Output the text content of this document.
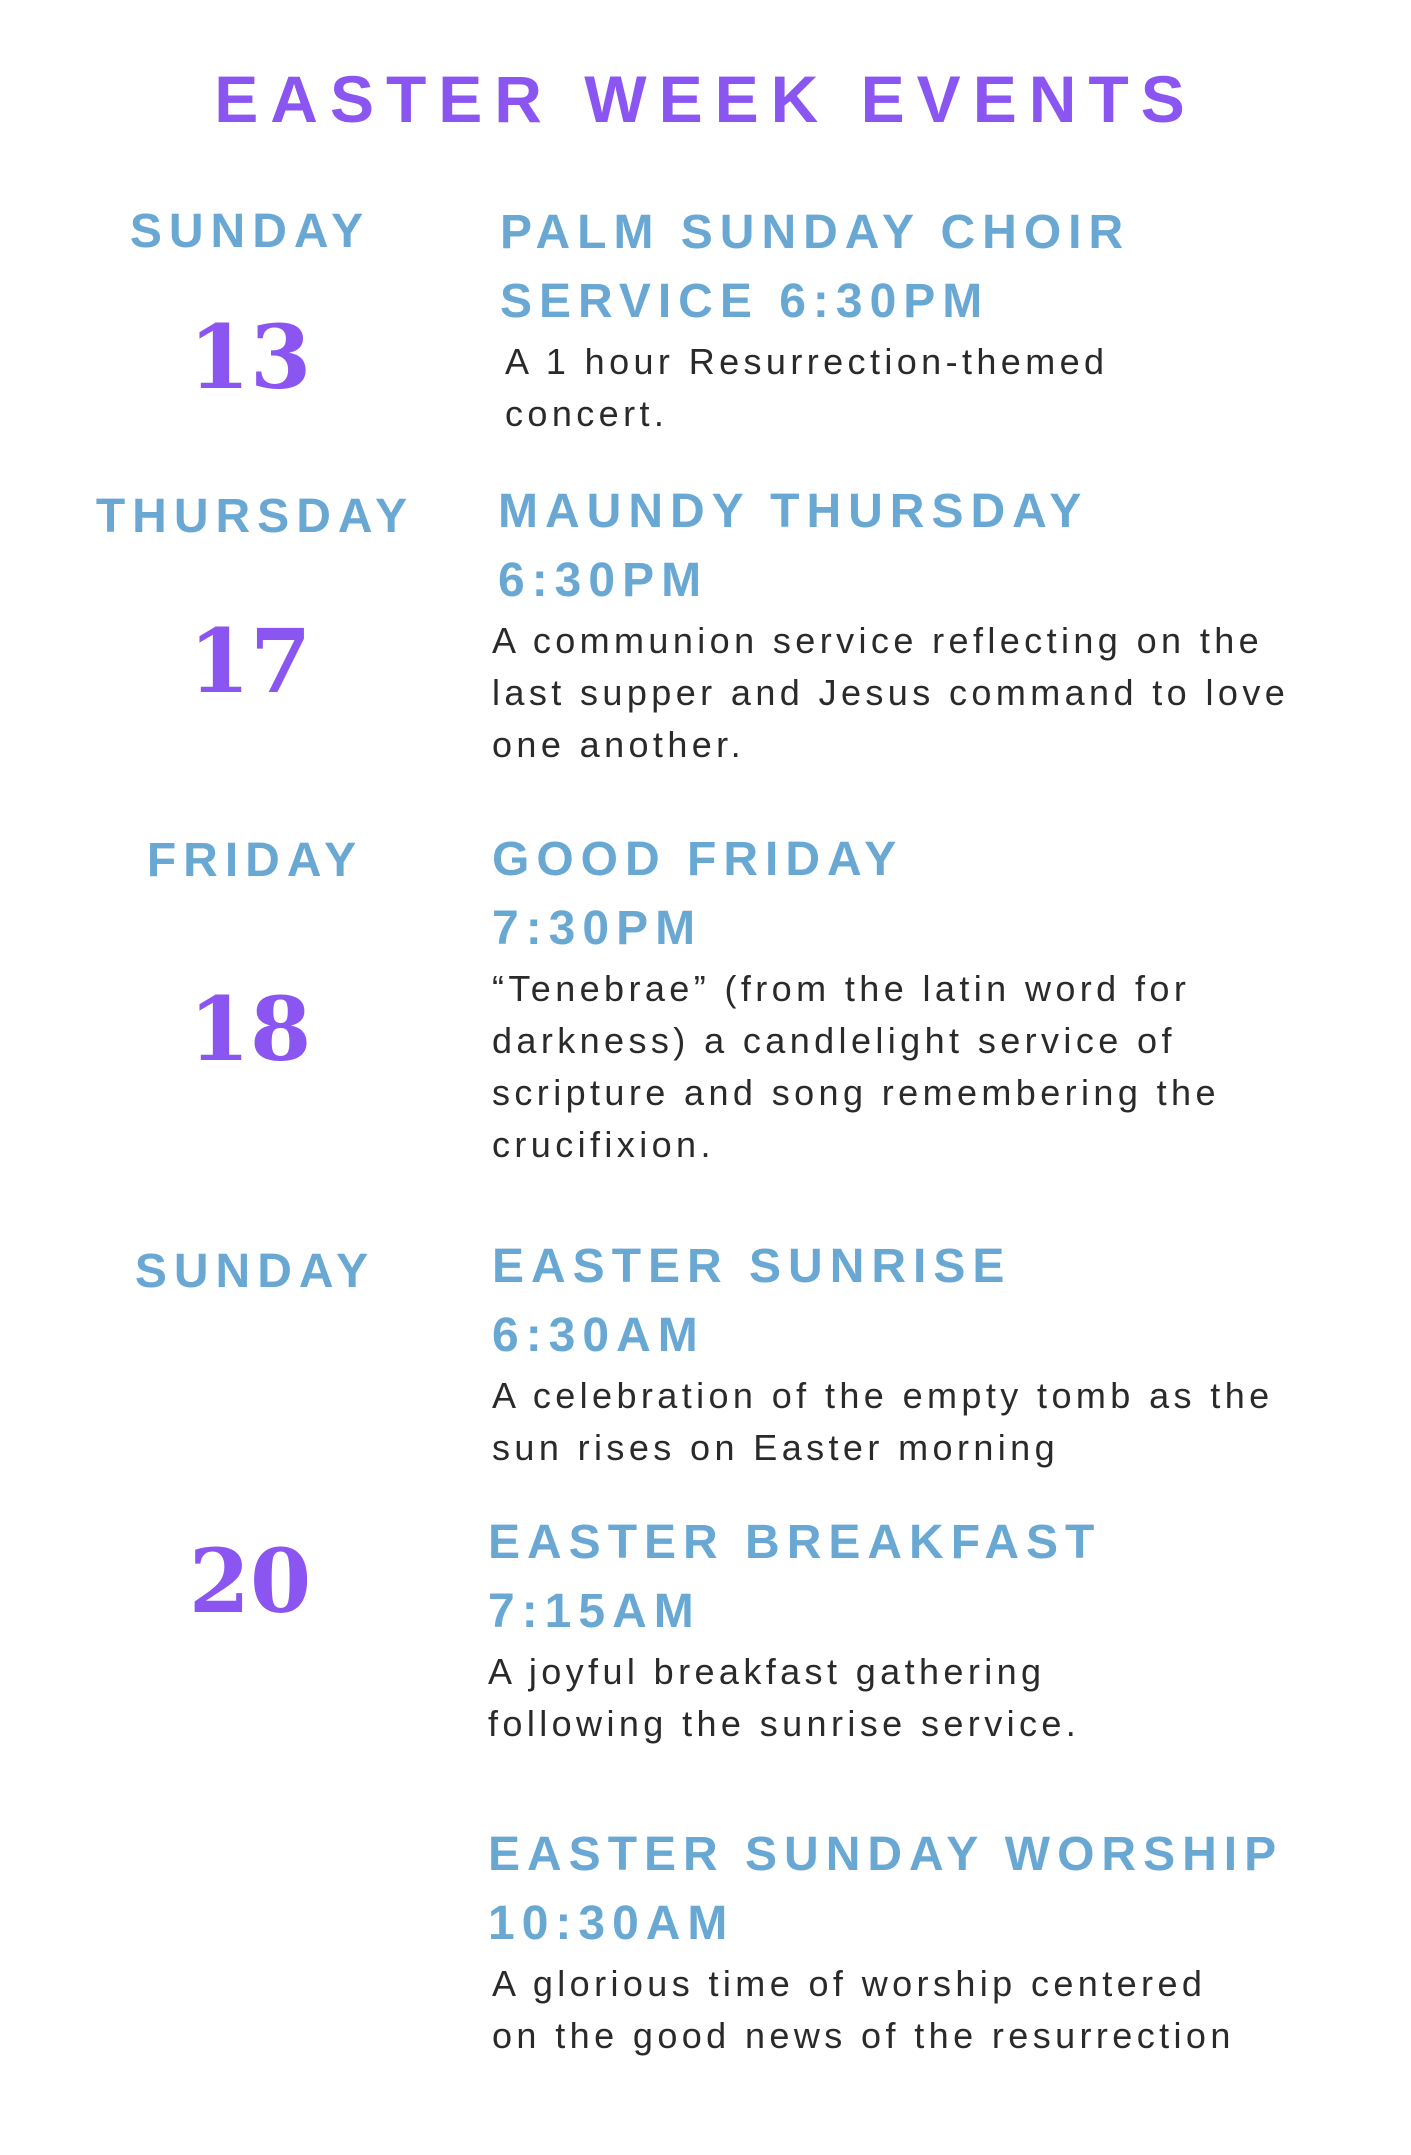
EASTER WEEK EVENTS
SUNDAY
13
THURSDAY
17
FRIDAY
18
SUNDAY
20
PALM SUNDAY CHOIR
SERVICE 6:30PM
A 1 hour Resurrection-themed concert.
MAUNDY THURSDAY
6:30PM
A communion service reflecting on the last supper and Jesus command to love one another.
GOOD FRIDAY
7:30PM
“Tenebrae” (from the latin word for darkness) a candlelight service of scripture and song remembering the crucifixion.
EASTER SUNRISE
6:30AM
A celebration of the empty tomb as the sun rises on Easter morning
EASTER BREAKFAST
7:15AM
A joyful breakfast gathering following the sunrise service.
EASTER SUNDAY WORSHIP
10:30AM
A glorious time of worship centered on the good news of the resurrection
